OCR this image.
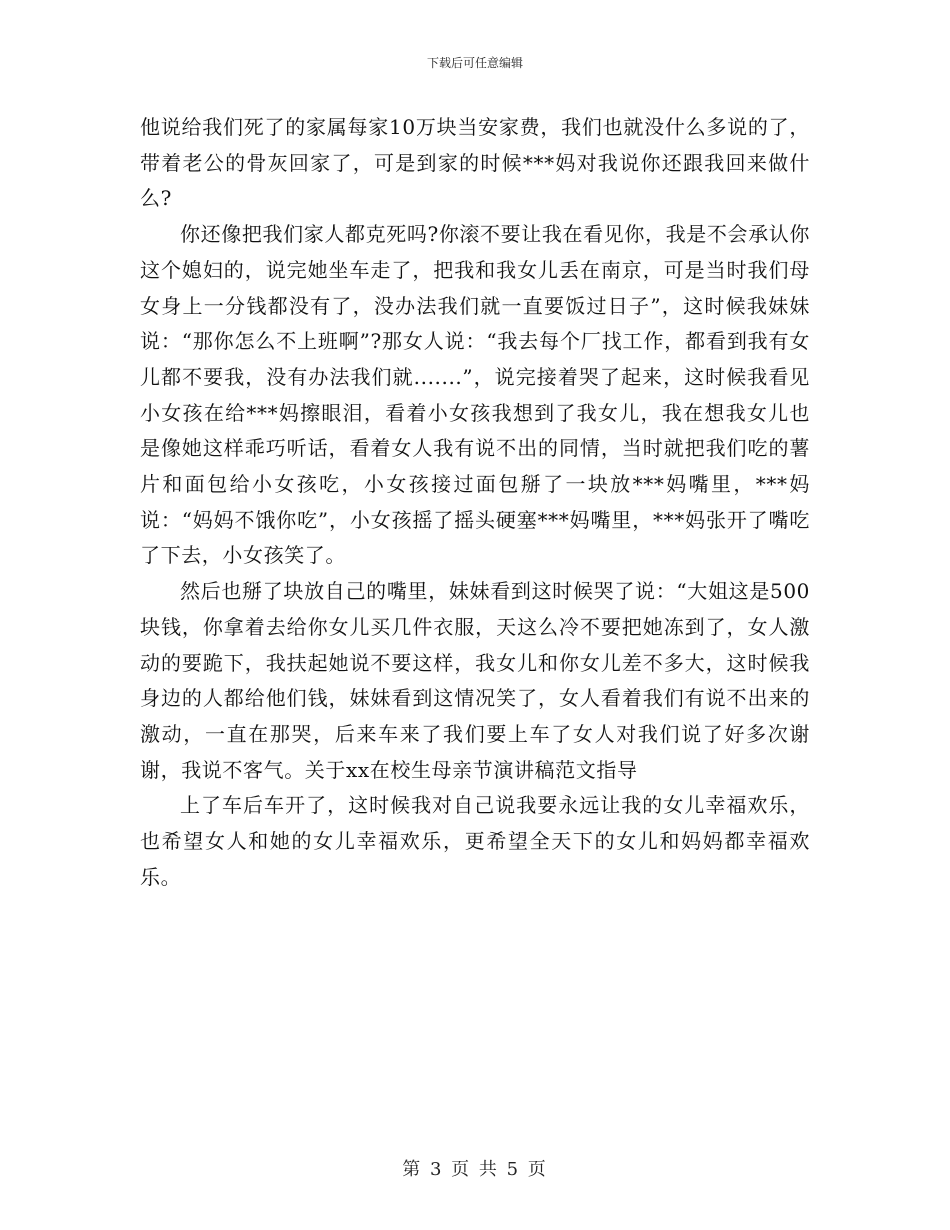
下载后可任意编辑

他说给我们死了的家属每家10万块当安家费，我们也就没什么多说的了，带着老公的骨灰回家了，可是到家的时候***妈对我说你还跟我回来做什么?

你还像把我们家人都克死吗?你滚不要让我在看见你，我是不会承认你这个媳妇的，说完她坐车走了，把我和我女儿丢在南京，可是当时我们母女身上一分钱都没有了，没办法我们就一直要饭过日子”，这时候我妹妹说：“那你怎么不上班啊”?那女人说：“我去每个厂找工作，都看到我有女儿都不要我，没有办法我们就.......”，说完接着哭了起来，这时候我看见小女孩在给***妈擦眼泪，看着小女孩我想到了我女儿，我在想我女儿也是像她这样乖巧听话，看着女人我有说不出的同情，当时就把我们吃的薯片和面包给小女孩吃，小女孩接过面包掰了一块放***妈嘴里，***妈说：“妈妈不饿你吃”，小女孩摇了摇头硬塞***妈嘴里，***妈张开了嘴吃了下去，小女孩笑了。

然后也掰了块放自己的嘴里，妹妹看到这时候哭了说：“大姐这是500块钱，你拿着去给你女儿买几件衣服，天这么冷不要把她冻到了，女人激动的要跪下，我扶起她说不要这样，我女儿和你女儿差不多大，这时候我身边的人都给他们钱，妹妹看到这情况笑了，女人看着我们有说不出来的激动，一直在那哭，后来车来了我们要上车了女人对我们说了好多次谢谢，我说不客气。关于xx在校生母亲节演讲稿范文指导

上了车后车开了，这时候我对自己说我要永远让我的女儿幸福欢乐，也希望女人和她的女儿幸福欢乐，更希望全天下的女儿和妈妈都幸福欢乐。

第 3 页 共 5 页
